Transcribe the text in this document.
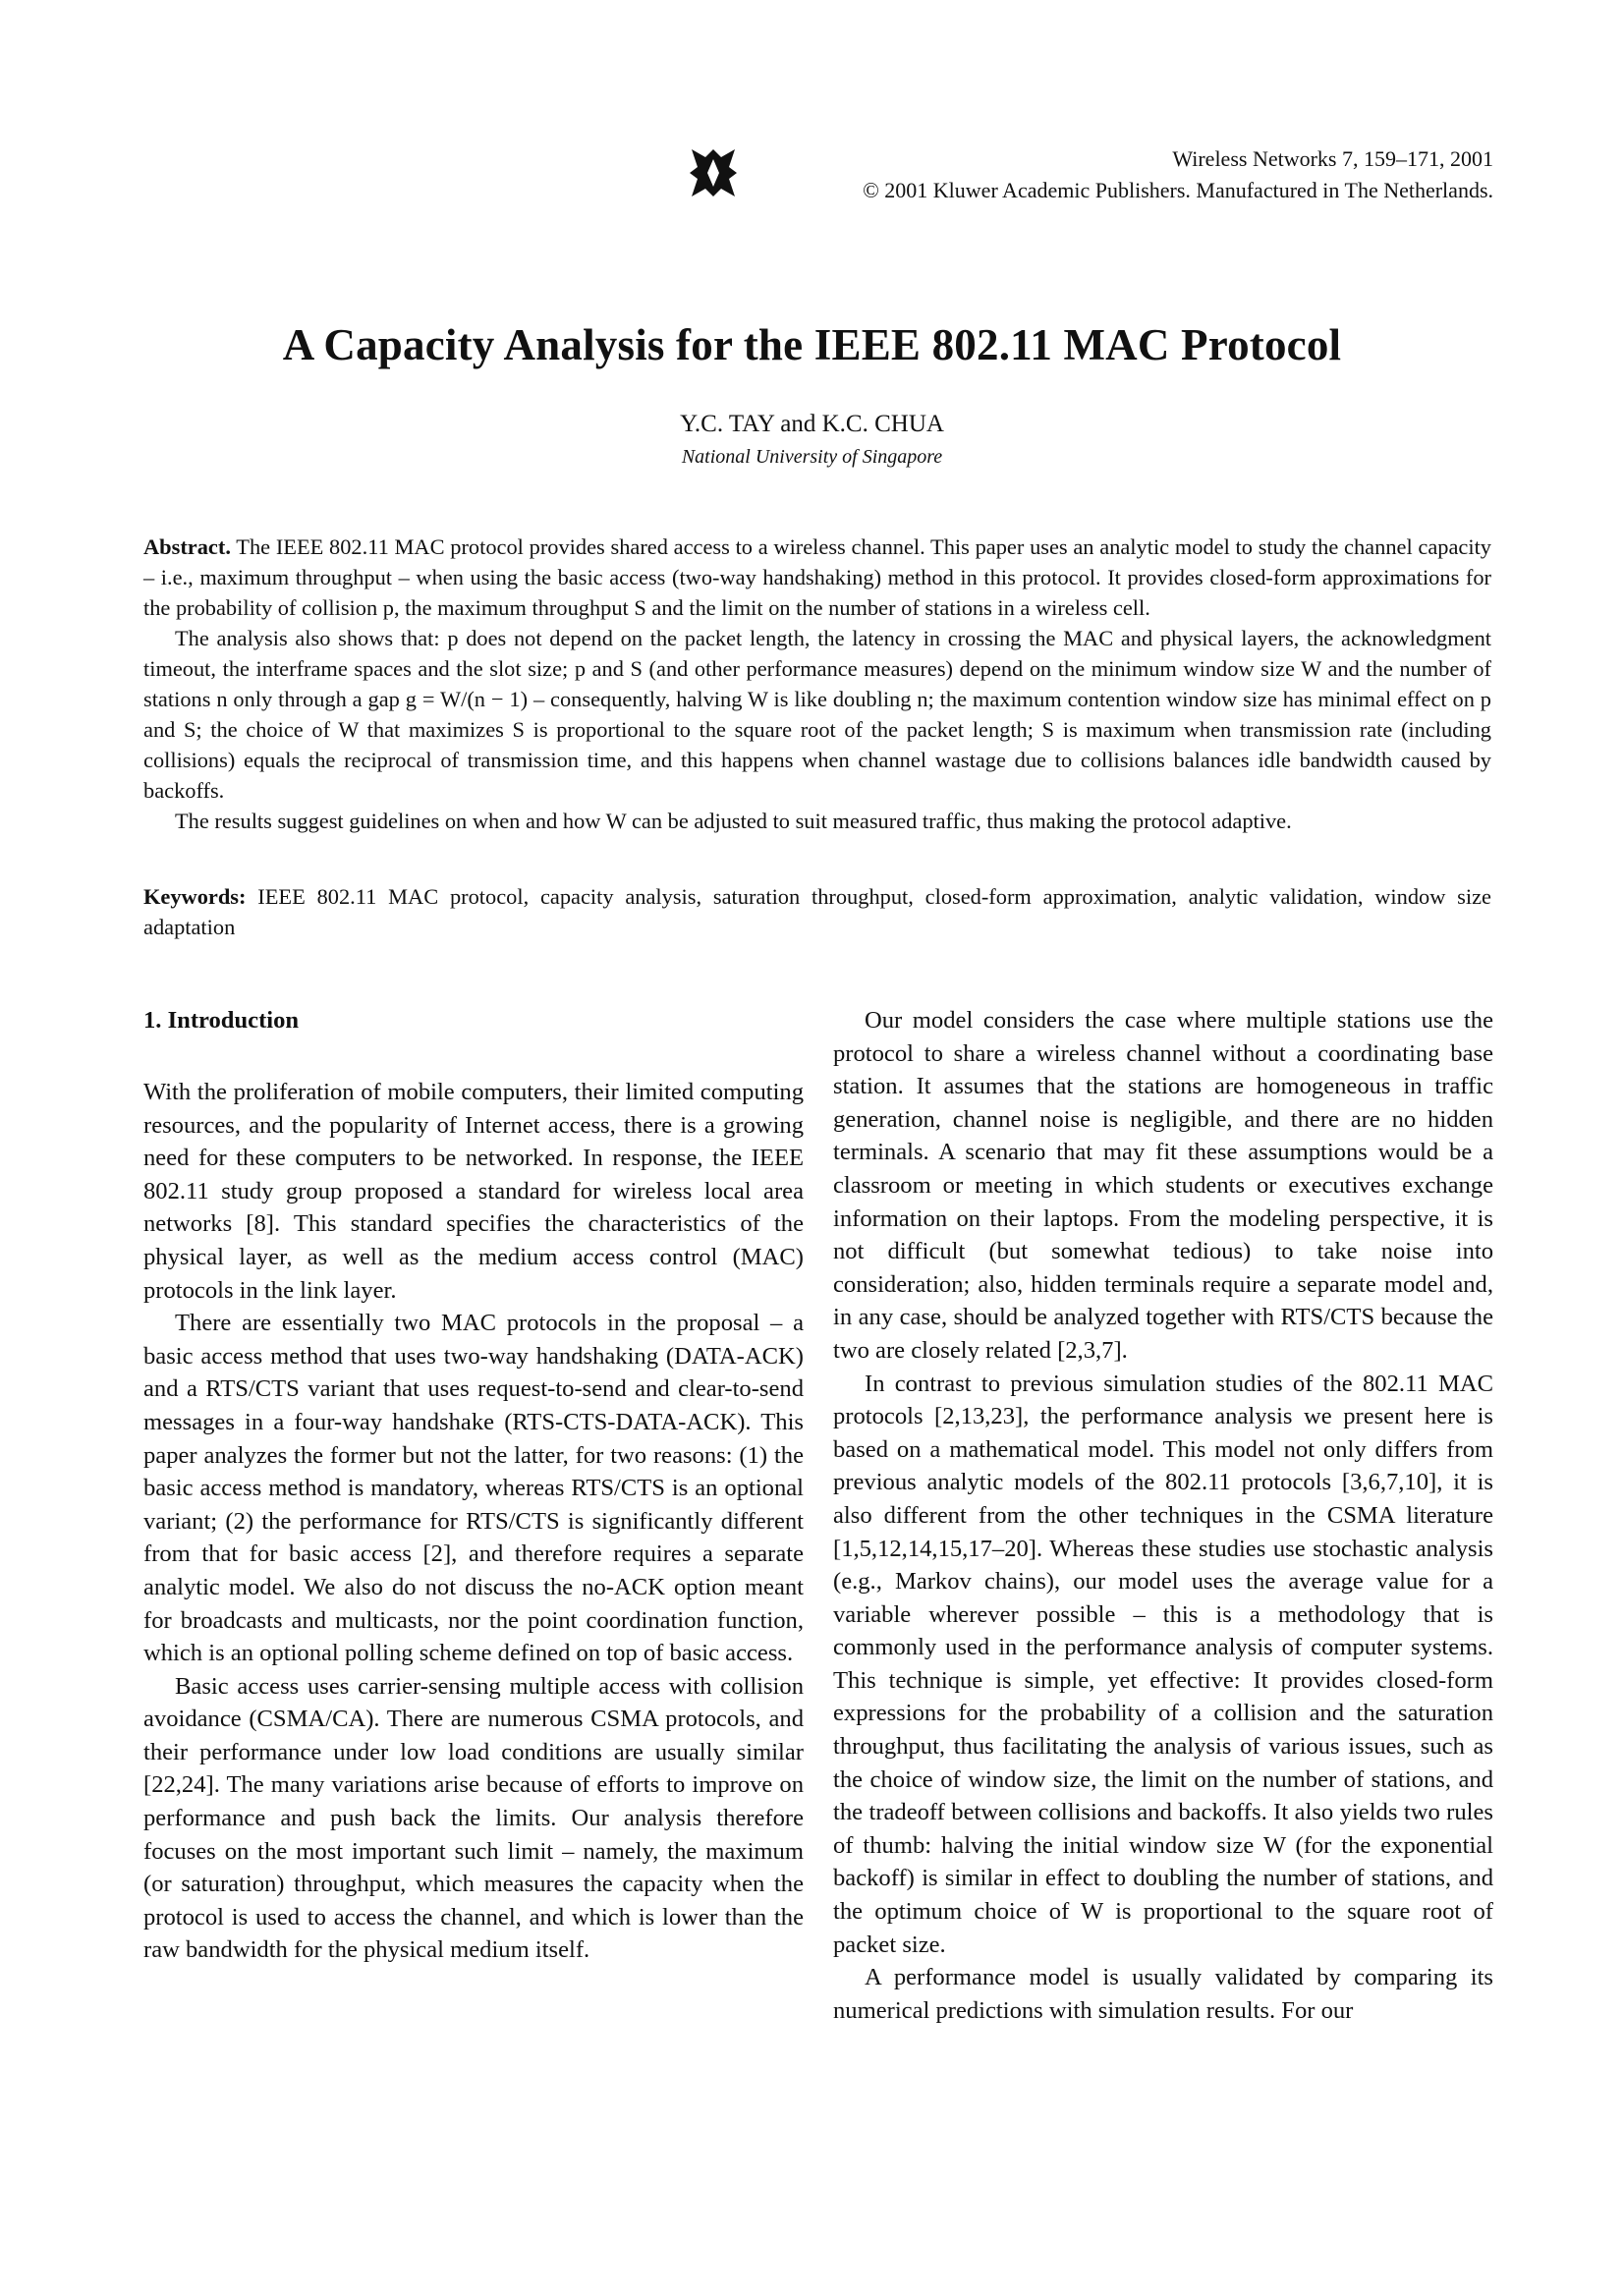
Wireless Networks 7, 159–171, 2001
© 2001 Kluwer Academic Publishers. Manufactured in The Netherlands.
A Capacity Analysis for the IEEE 802.11 MAC Protocol
Y.C. TAY and K.C. CHUA
National University of Singapore

Abstract. The IEEE 802.11 MAC protocol provides shared access to a wireless channel. This paper uses an analytic model to study the channel capacity – i.e., maximum throughput – when using the basic access (two-way handshaking) method in this protocol. It provides closed-form approximations for the probability of collision p, the maximum throughput S and the limit on the number of stations in a wireless cell.

The analysis also shows that: p does not depend on the packet length, the latency in crossing the MAC and physical layers, the acknowledgment timeout, the interframe spaces and the slot size; p and S (and other performance measures) depend on the minimum window size W and the number of stations n only through a gap g = W/(n − 1) – consequently, halving W is like doubling n; the maximum contention window size has minimal effect on p and S; the choice of W that maximizes S is proportional to the square root of the packet length; S is maximum when transmission rate (including collisions) equals the reciprocal of transmission time, and this happens when channel wastage due to collisions balances idle bandwidth caused by backoffs.

The results suggest guidelines on when and how W can be adjusted to suit measured traffic, thus making the protocol adaptive.

Keywords: IEEE 802.11 MAC protocol, capacity analysis, saturation throughput, closed-form approximation, analytic validation, window size adaptation
1. Introduction

With the proliferation of mobile computers, their limited computing resources, and the popularity of Internet access, there is a growing need for these computers to be networked. In response, the IEEE 802.11 study group proposed a standard for wireless local area networks [8]. This standard specifies the characteristics of the physical layer, as well as the medium access control (MAC) protocols in the link layer.

There are essentially two MAC protocols in the proposal – a basic access method that uses two-way handshaking (DATA-ACK) and a RTS/CTS variant that uses request-to-send and clear-to-send messages in a four-way handshake (RTS-CTS-DATA-ACK). This paper analyzes the former but not the latter, for two reasons: (1) the basic access method is mandatory, whereas RTS/CTS is an optional variant; (2) the performance for RTS/CTS is significantly different from that for basic access [2], and therefore requires a separate analytic model. We also do not discuss the no-ACK option meant for broadcasts and multicasts, nor the point coordination function, which is an optional polling scheme defined on top of basic access.

Basic access uses carrier-sensing multiple access with collision avoidance (CSMA/CA). There are numerous CSMA protocols, and their performance under low load conditions are usually similar [22,24]. The many variations arise because of efforts to improve on performance and push back the limits. Our analysis therefore focuses on the most important such limit – namely, the maximum (or saturation) throughput, which measures the capacity when the protocol is used to access the channel, and which is lower than the raw bandwidth for the physical medium itself.

Our model considers the case where multiple stations use the protocol to share a wireless channel without a coordinating base station. It assumes that the stations are homogeneous in traffic generation, channel noise is negligible, and there are no hidden terminals. A scenario that may fit these assumptions would be a classroom or meeting in which students or executives exchange information on their laptops. From the modeling perspective, it is not difficult (but somewhat tedious) to take noise into consideration; also, hidden terminals require a separate model and, in any case, should be analyzed together with RTS/CTS because the two are closely related [2,3,7].

In contrast to previous simulation studies of the 802.11 MAC protocols [2,13,23], the performance analysis we present here is based on a mathematical model. This model not only differs from previous analytic models of the 802.11 protocols [3,6,7,10], it is also different from the other techniques in the CSMA literature [1,5,12,14,15,17–20]. Whereas these studies use stochastic analysis (e.g., Markov chains), our model uses the average value for a variable wherever possible – this is a methodology that is commonly used in the performance analysis of computer systems. This technique is simple, yet effective: It provides closed-form expressions for the probability of a collision and the saturation throughput, thus facilitating the analysis of various issues, such as the choice of window size, the limit on the number of stations, and the tradeoff between collisions and backoffs. It also yields two rules of thumb: halving the initial window size W (for the exponential backoff) is similar in effect to doubling the number of stations, and the optimum choice of W is proportional to the square root of packet size.

A performance model is usually validated by comparing its numerical predictions with simulation results. For our
